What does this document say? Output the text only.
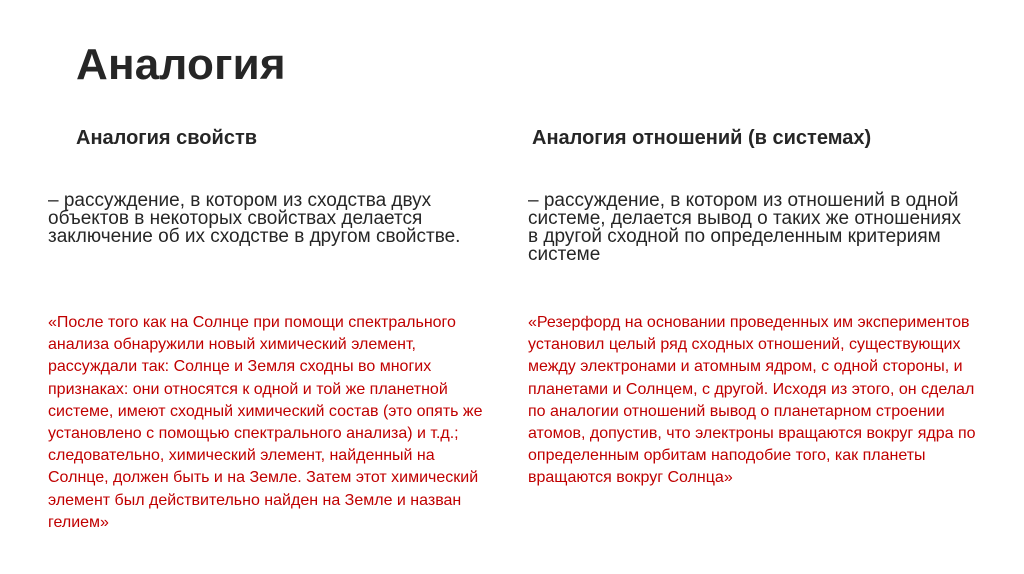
Аналогия
Аналогия свойств

– рассуждение, в котором из сходства двух объектов в некоторых свойствах делается заключение об их сходстве в другом свойстве.

«После того как на Солнце при помощи спектрального анализа обнаружили новый химический элемент, рассуждали так: Солнце и Земля сходны во многих признаках: они относятся к одной и той же планетной системе, имеют сходный химический состав (это опять же установлено с помощью спектрального анализа) и т.д.; следовательно, химический элемент, найденный на Солнце, должен быть и на Земле. Затем этот химический элемент был действительно найден на Земле и назван гелием»

Аналогия отношений (в системах)

– рассуждение, в котором из отношений в одной системе, делается вывод о таких же отношениях в другой сходной по определенным критериям системе

«Резерфорд на основании проведенных им экспериментов установил целый ряд сходных отношений, существующих между электронами и атомным ядром, с одной стороны, и планетами и Солнцем, с другой. Исходя из этого, он сделал по аналогии отношений вывод о планетарном строении атомов, допустив, что электроны вращаются вокруг ядра по определенным орбитам наподобие того, как планеты вращаются вокруг Солнца»
